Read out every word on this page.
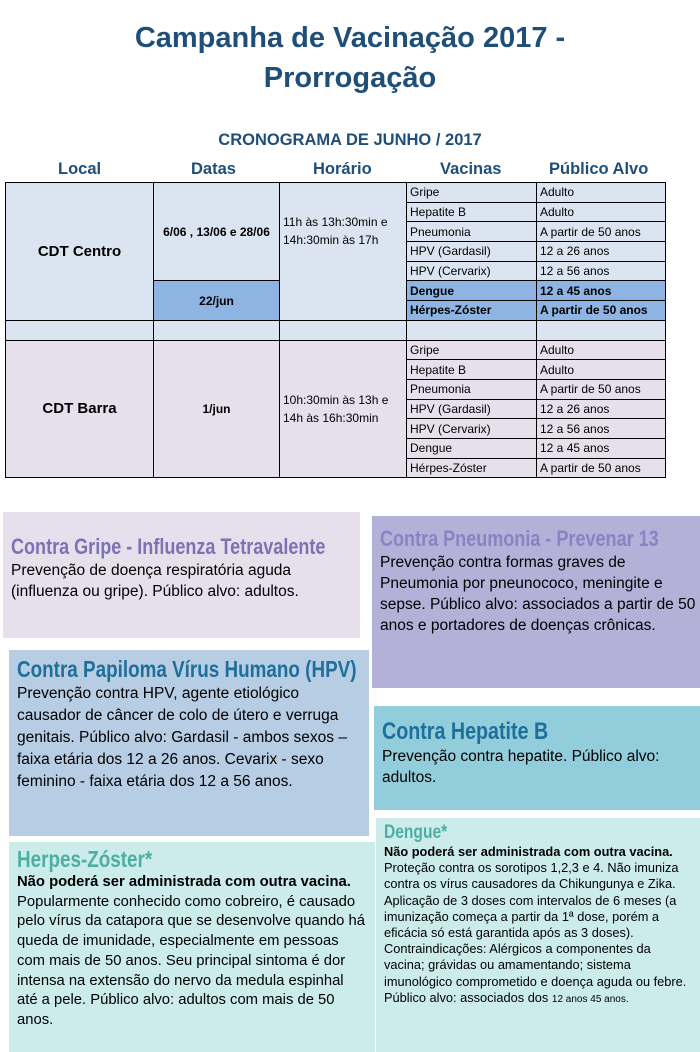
Campanha de Vacinação 2017 -
Prorrogação
CRONOGRAMA DE JUNHO / 2017
Local	Datas	Horário	Vacinas	Público Alvo
CDT Centro	6/06 , 13/06 e 28/06	11h às 13h:30min e 14h:30min às 17h	Gripe	Adulto
			Hepatite B	Adulto
			Pneumonia	A partir de 50 anos
			HPV (Gardasil)	12 a 26 anos
			HPV (Cervarix)	12 a 56 anos
	22/jun		Dengue	12 a 45 anos
			Hérpes-Zóster	A partir de 50 anos

CDT Barra	1/jun	10h:30min às 13h e 14h às 16h:30min	Gripe	Adulto
			Hepatite B	Adulto
			Pneumonia	A partir de 50 anos
			HPV (Gardasil)	12 a 26 anos
			HPV (Cervarix)	12 a 56 anos
			Dengue	12 a 45 anos
			Hérpes-Zóster	A partir de 50 anos
Contra Gripe - Influenza Tetravalente
Prevenção de doença respiratória aguda (influenza ou gripe). Público alvo: adultos.
Contra Pneumonia - Prevenar 13
Prevenção contra formas graves de Pneumonia por pneunococo, meningite e sepse. Público alvo: associados a partir de 50 anos e portadores de doenças crônicas.
Contra Papiloma Vírus Humano (HPV)
Prevenção contra HPV, agente etiológico causador de câncer de colo de útero e verruga genitais. Público alvo: Gardasil - ambos sexos – faixa etária dos 12 a 26 anos. Cevarix - sexo feminino - faixa etária dos 12 a 56 anos.
Contra Hepatite B
Prevenção contra hepatite. Público alvo: adultos.
Herpes-Zóster*
Não poderá ser administrada com outra vacina. Popularmente conhecido como cobreiro, é causado pelo vírus da catapora que se desenvolve quando há queda de imunidade, especialmente em pessoas com mais de 50 anos. Seu principal sintoma é dor intensa na extensão do nervo da medula espinhal até a pele. Público alvo: adultos com mais de 50 anos.
Dengue*
Não poderá ser administrada com outra vacina. Proteção contra os sorotipos 1,2,3 e 4. Não imuniza contra os vírus causadores da Chikungunya e Zika. Aplicação de 3 doses com intervalos de 6 meses (a imunização começa a partir da 1ª dose, porém a eficácia só está garantida após as 3 doses). Contraindicações: Alérgicos a componentes da vacina; grávidas ou amamentando; sistema imunológico comprometido e doença aguda ou febre. Público alvo: associados dos 12 anos 45 anos.
